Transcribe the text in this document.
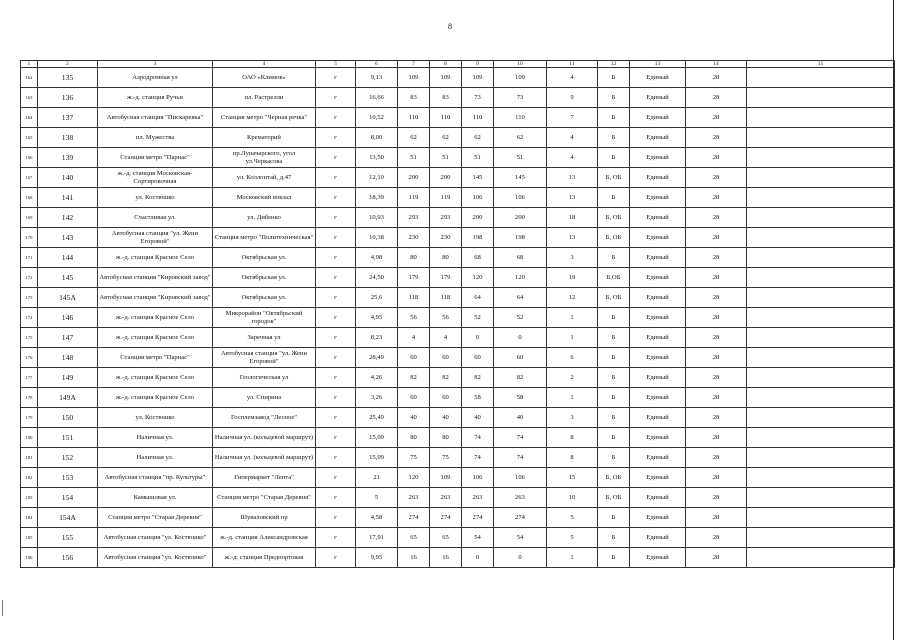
8
1	2	3	4	5	6	7	8	9	10	11	12	13	14	15
162	135	Аэродромная ул	ОАО «Климов»	г	9,13	109	109	109	109	4	Б	Единый	28	
163	136	ж.-д. станция Ручьи	пл. Растрелли	г	16,66	83	83	73	73	9	Б	Единый	28	
164	137	Автобусная станция "Пискаревка"	Станция метро "Черная речка"	г	10,52	110	110	110	110	7	Б	Единый	28	
165	138	пл. Мужества	Крематорий	г	8,00	62	62	62	62	4	Б	Единый	28	
166	139	Станция метро "Парнас"	пр.Луначарского, угол ул.Черкасова	г	13,50	51	51	51	51	4	Б	Единый	28	
167	140	ж.-д. станция Московская-Сортировочная	ул. Коллонтай, д.47	г	12,10	200	200	145	145	13	Б, ОБ	Единый	28	
168	141	ул. Костюшко	Московский вокзал	г	18,39	119	119	106	106	13	Б	Единый	28	
169	142	Счастливая ул.	ул. Дибенко	г	10,93	293	293	200	200	18	Б, ОБ	Единый	28	
170	143	Автобусная станция "ул. Жени Егоровой"	Станция метро "Политехническая"	г	10,38	230	230	198	198	13	Б, ОБ	Единый	28	
171	144	ж.-д. станция Красное Село	Октябрьская ул.	г	4,98	80	80	68	68	3	Б	Единый	28	
172	145	Автобусная станция "Кировский завод"	Октябрьская ул.	г	24,50	179	179	120	120	19	Б,ОБ	Единый	28	
173	145А	Автобусная станция "Кировский завод"	Октябрьская ул.	г	25,6	118	118	64	64	12	Б, ОБ	Единый	28	
174	146	ж.-д. станция Красное Село	Микрорайон "Октябрьский городок"	г	4,95	56	56	52	52	1	Б	Единый	28	
175	147	ж.-д. станция Красное Село	Заречная ул	г	8,23	4	4	0	0	1	Б	Единый	28	
176	148	Станция метро "Парнас"	Автобусная станция "ул. Жени Егоровой"	г	28,49	60	60	60	60	6	Б	Единый	28	
177	149	ж.-д. станция Красное Село	Геологическая ул	г	4,26	82	82	82	82	2	Б	Единый	28	
178	149А	ж.-д. станция Красное Село	ул. Спирина	г	3,26	60	60	58	58	1	Б	Единый	28	
179	150	ул. Костюшко	Госплемзавод "Лесное"	г	25,49	40	40	40	40	3	Б	Единый	28	
180	151	Наличная ул.	Наличная ул. (кольцевой маршрут)	г	15,09	80	80	74	74	8	Б	Единый	28	
181	152	Наличная ул.	Наличная ул. (кольцевой маршрут)	г	15,09	75	75	74	74	8	Б	Единый	28	
182	153	Автобусная станция "пр. Культуры"	Гипермаркет "Лента"	г	21	120	109	106	106	15	Б, ОБ	Единый	28	
183	154	Камышовая ул.	Станция метро "Старая Деревня"	г	5	263	263	263	263	10	Б, ОБ	Единый	28	
184	154А	Станция метро "Старая Деревня"	Шуваловский пр	г	4,58	274	274	274	274	5	Б	Единый	28	
185	155	Автобусная станция "ул. Костюшко"	ж.-д. станция Александровская	г	17,91	65	65	54	54	5	Б	Единый	28	
186	156	Автобусная станция "ул. Костюшко"	ж.-д. станция Предпортовая	г	9,95	16	16	0	0	1	Б	Единый	28	
